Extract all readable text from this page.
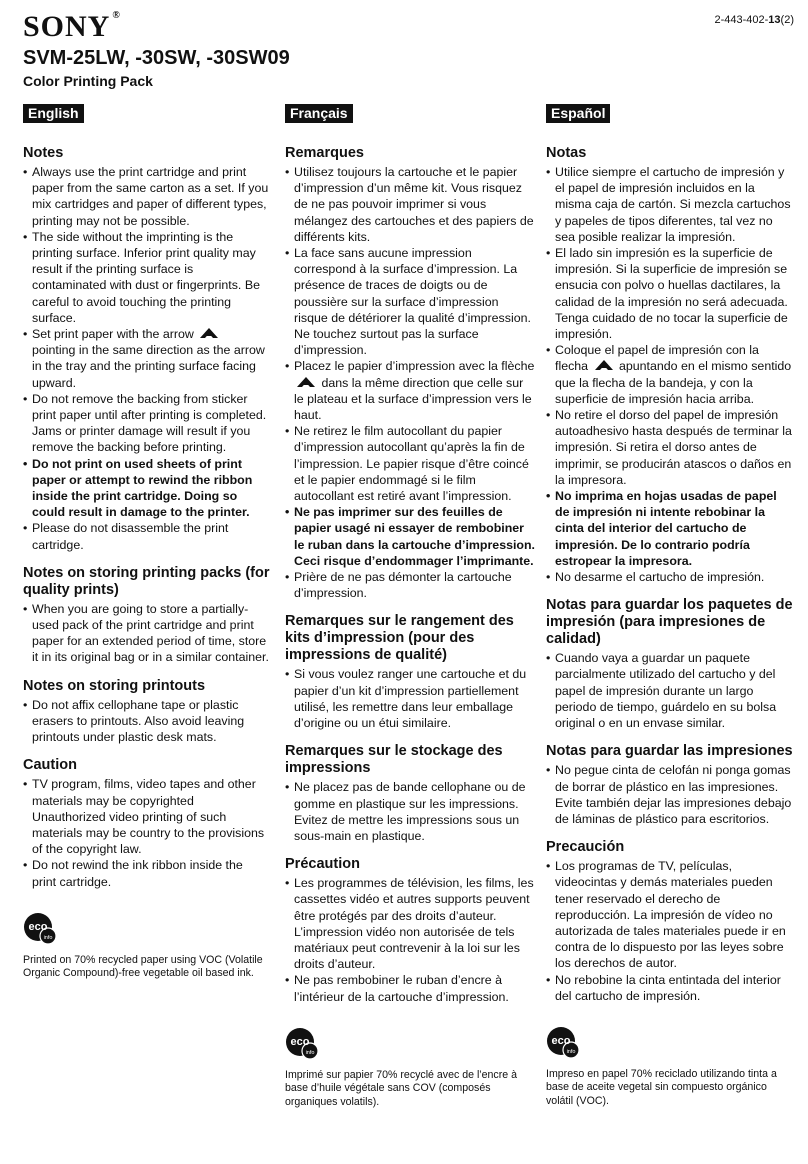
SONY ®	2-443-402-13(2)
SVM-25LW, -30SW, -30SW09
Color Printing Pack
English
Notes
• Always use the print cartridge and print paper from the same carton as a set. If you mix cartridges and paper of different types, printing may not be possible.
• The side without the imprinting is the printing surface. Inferior print quality may result if the printing surface is contaminated with dust or fingerprints. Be careful to avoid touching the printing surface.
• Set print paper with the arrow
pointing in the same direction as the arrow in the tray and the printing surface facing upward.
• Do not remove the backing from sticker print paper until after printing is completed. Jams or printer damage will result if you remove the backing before printing.
• Do not print on used sheets of print paper or attempt to rewind the ribbon inside the print cartridge. Doing so could result in damage to the printer.
• Please do not disassemble the print cartridge.
Notes on storing printing packs (for quality prints)
• When you are going to store a partially-used pack of the print cartridge and print paper for an extended period of time, store it in its original bag or in a similar container.
Notes on storing printouts
• Do not affix cellophane tape or plastic erasers to printouts. Also avoid leaving printouts under plastic desk mats.
Caution
• TV program, films, video tapes and other materials may be copyrighted Unauthorized video printing of such materials may be country to the provisions of the copyright law.
• Do not rewind the ink ribbon inside the print cartridge.
eco
info
Printed on 70% recycled paper using VOC (Volatile Organic Compound)-free vegetable oil based ink.
Français
Remarques
• Utilisez toujours la cartouche et le papier d’impression d’un même kit. Vous risquez de ne pas pouvoir imprimer si vous mélangez des cartouches et des papiers de différents kits.
• La face sans aucune impression correspond à la surface d’impression. La présence de traces de doigts ou de poussière sur la surface d’impression risque de détériorer la qualité d’impression. Ne touchez surtout pas la surface d’impression.
• Placez le papier d’impression avec la flèche  dans la même direction que celle sur le plateau et la surface d’impression vers le haut.
• Ne retirez le film autocollant du papier d’impression autocollant qu’après la fin de l’impression. Le papier risque d’être coincé et le papier endommagé si le film autocollant est retiré avant l’impression.
• Ne pas imprimer sur des feuilles de papier usagé ni essayer de rembobiner le ruban dans la cartouche d’impression. Ceci risque d’endommager l’imprimante.
• Prière de ne pas démonter la cartouche d’impression.
Remarques sur le rangement des kits d’impression (pour des impressions de qualité)
• Si vous voulez ranger une cartouche et du papier d’un kit d’impression partiellement utilisé, les remettre dans leur emballage d’origine ou un étui similaire.
Remarques sur le stockage des impressions
• Ne placez pas de bande cellophane ou de gomme en plastique sur les impressions. Evitez de mettre les impressions sous un sous-main en plastique.
Précaution
• Les programmes de télévision, les films, les cassettes vidéo et autres supports peuvent être protégés par des droits d’auteur. L’impression vidéo non autorisée de tels matériaux peut contrevenir à la loi sur les droits d’auteur.
• Ne pas rembobiner le ruban d’encre à l’intérieur de la cartouche d’impression.
eco
info
Imprimé sur papier 70% recyclé avec de l’encre à base d’huile végétale sans COV (composés organiques volatils).
Español
Notas
• Utilice siempre el cartucho de impresión y el papel de impresión incluidos en la misma caja de cartón. Si mezcla cartuchos y papeles de tipos diferentes, tal vez no sea posible realizar la impresión.
• El lado sin impresión es la superficie de impresión. Si la superficie de impresión se ensucia con polvo o huellas dactilares, la calidad de la impresión no será adecuada. Tenga cuidado de no tocar la superficie de impresión.
• Coloque el papel de impresión con la flecha apuntando en el mismo sentido que la flecha de la bandeja, y con la superficie de impresión hacia arriba.
• No retire el dorso del papel de impresión autoadhesivo hasta después de terminar la impresión. Si retira el dorso antes de imprimir, se producirán atascos o daños en la impresora.
• No imprima en hojas usadas de papel de impresión ni intente rebobinar la cinta del interior del cartucho de impresión. De lo contrario podría estropear la impresora.
• No desarme el cartucho de impresión.
Notas para guardar los paquetes de impresión (para impresiones de calidad)
• Cuando vaya a guardar un paquete parcialmente utilizado del cartucho y del papel de impresión durante un largo periodo de tiempo, guárdelo en su bolsa original o en un envase similar.
Notas para guardar las impresiones
• No pegue cinta de celofán ni ponga gomas de borrar de plástico en las impresiones. Evite también dejar las impresiones debajo de láminas de plástico para escritorios.
Precaución
• Los programas de TV, películas, videocintas y demás materiales pueden tener reservado el derecho de reproducción. La impresión de vídeo no autorizada de tales materiales puede ir en contra de lo dispuesto por las leyes sobre los derechos de autor.
• No rebobine la cinta entintada del interior del cartucho de impresión.
eco
info
Impreso en papel 70% reciclado utilizando tinta a base de aceite vegetal sin compuesto orgánico volátil (VOC).
